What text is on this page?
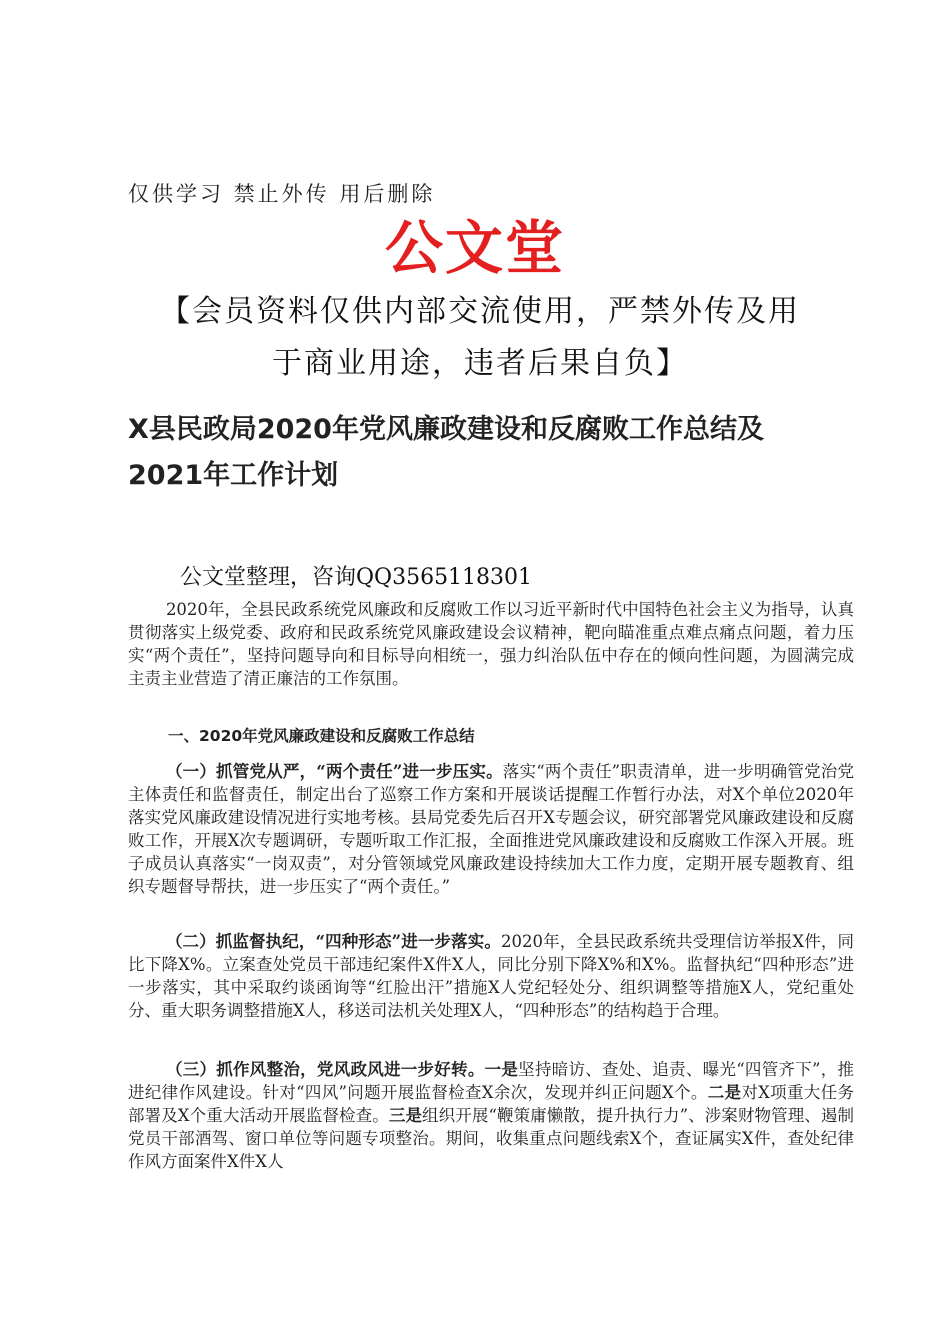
仅供学习 禁止外传 用后删除
公文堂
【会员资料仅供内部交流使用，严禁外传及用
于商业用途，违者后果自负】
X县民政局2020年党风廉政建设和反腐败工作总结及
2021年工作计划
公文堂整理，咨询QQ3565118301

2020年，全县民政系统党风廉政和反腐败工作以习近平新时代中国特色社会主义为指导，认真贯彻落实上级党委、政府和民政系统党风廉政建设会议精神，靶向瞄准重点难点痛点问题，着力压实“两个责任”，坚持问题导向和目标导向相统一，强力纠治队伍中存在的倾向性问题，为圆满完成主责主业营造了清正廉洁的工作氛围。

一、2020年党风廉政建设和反腐败工作总结

（一）抓管党从严，“两个责任”进一步压实。落实“两个责任”职责清单，进一步明确管党治党主体责任和监督责任，制定出台了巡察工作方案和开展谈话提醒工作暂行办法，对X个单位2020年落实党风廉政建设情况进行实地考核。县局党委先后召开X专题会议，研究部署党风廉政建设和反腐败工作，开展X次专题调研，专题听取工作汇报，全面推进党风廉政建设和反腐败工作深入开展。班子成员认真落实“一岗双责”，对分管领域党风廉政建设持续加大工作力度，定期开展专题教育、组织专题督导帮扶，进一步压实了“两个责任。”

（二）抓监督执纪，“四种形态”进一步落实。2020年，全县民政系统共受理信访举报X件，同比下降X%。立案查处党员干部违纪案件X件X人，同比分别下降X%和X%。监督执纪“四种形态”进一步落实，其中采取约谈函询等“红脸出汗”措施X人党纪轻处分、组织调整等措施X人，党纪重处分、重大职务调整措施X人，移送司法机关处理X人，“四种形态”的结构趋于合理。

（三）抓作风整治，党风政风进一步好转。一是坚持暗访、查处、追责、曝光“四管齐下”，推进纪律作风建设。针对“四风”问题开展监督检查X余次，发现并纠正问题X个。二是对X项重大任务部署及X个重大活动开展监督检查。三是组织开展“鞭策庸懒散，提升执行力”、涉案财物管理、遏制党员干部酒驾、窗口单位等问题专项整治。期间，收集重点问题线索X个，查证属实X件，查处纪律作风方面案件X件X人
